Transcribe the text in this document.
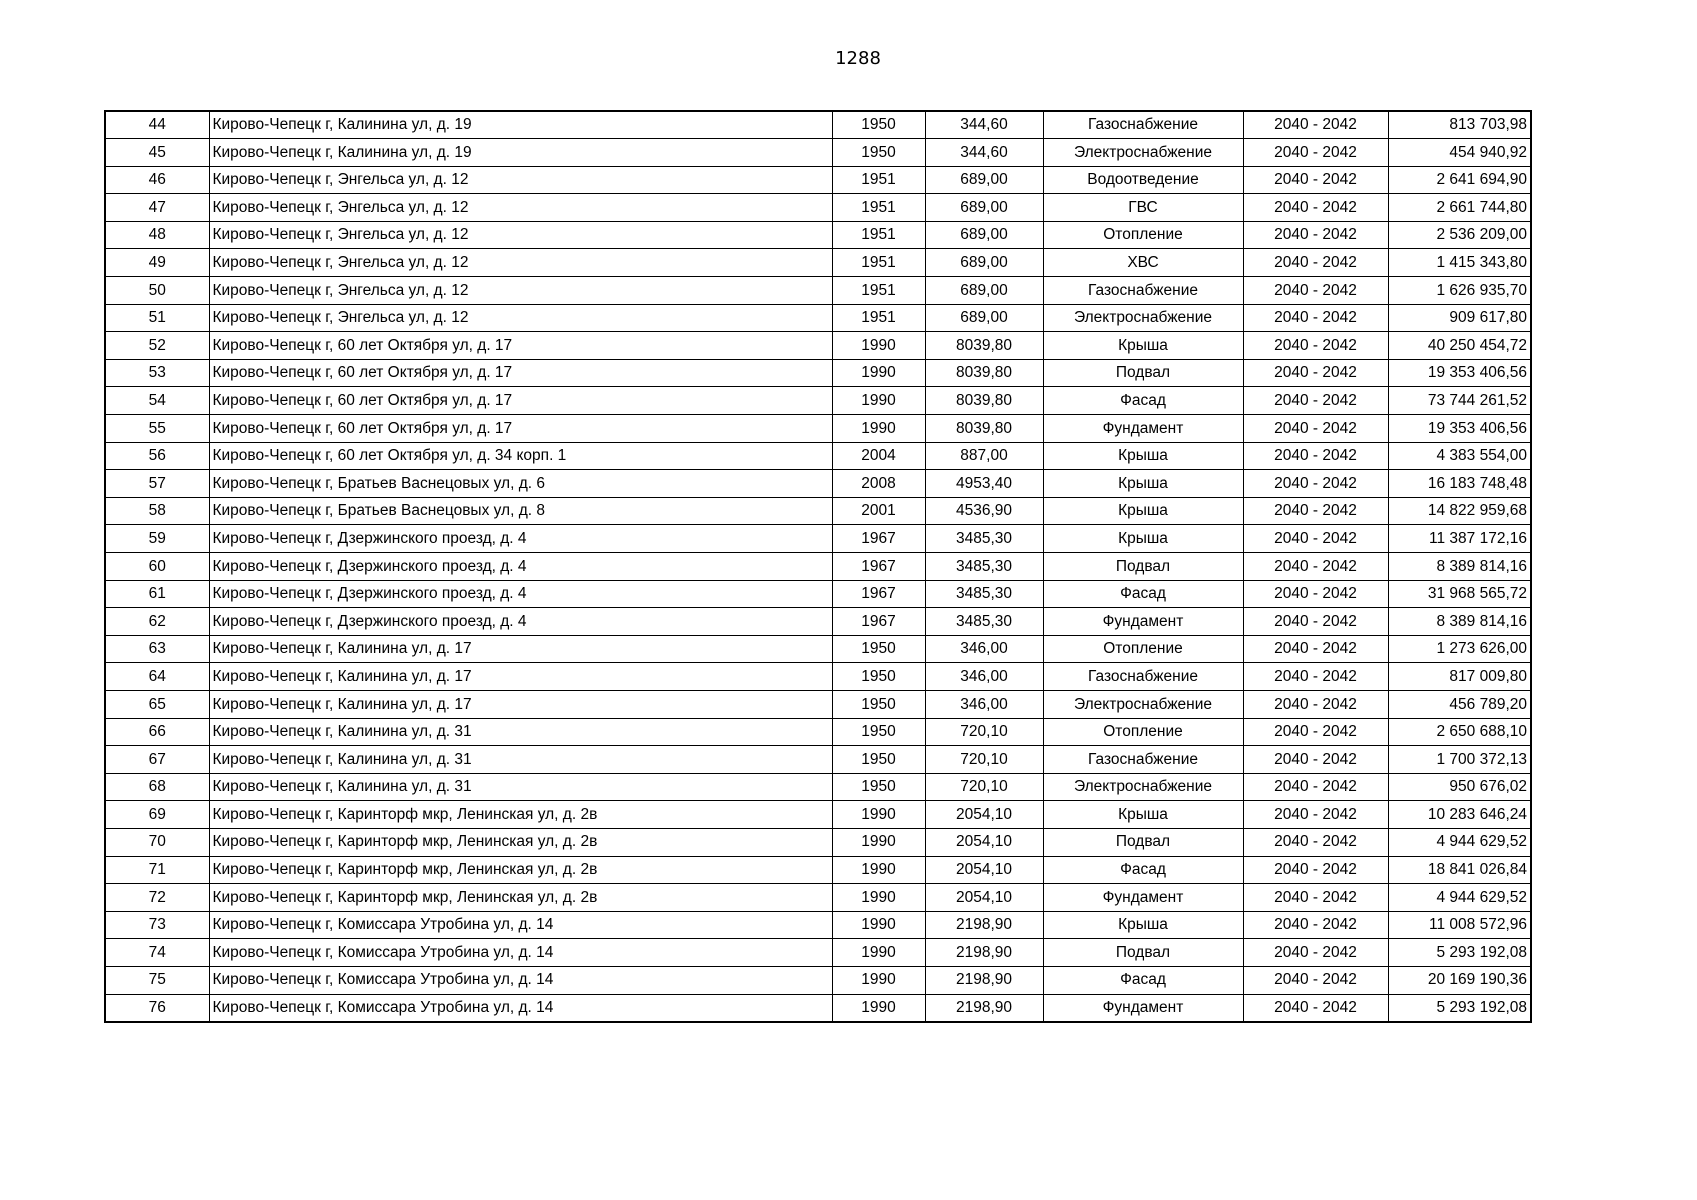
1288
44	Кирово-Чепецк г, Калинина ул, д. 19	1950	344,60	Газоснабжение	2040 - 2042	813 703,98
45	Кирово-Чепецк г, Калинина ул, д. 19	1950	344,60	Электроснабжение	2040 - 2042	454 940,92
46	Кирово-Чепецк г, Энгельса ул, д. 12	1951	689,00	Водоотведение	2040 - 2042	2 641 694,90
47	Кирово-Чепецк г, Энгельса ул, д. 12	1951	689,00	ГВС	2040 - 2042	2 661 744,80
48	Кирово-Чепецк г, Энгельса ул, д. 12	1951	689,00	Отопление	2040 - 2042	2 536 209,00
49	Кирово-Чепецк г, Энгельса ул, д. 12	1951	689,00	ХВС	2040 - 2042	1 415 343,80
50	Кирово-Чепецк г, Энгельса ул, д. 12	1951	689,00	Газоснабжение	2040 - 2042	1 626 935,70
51	Кирово-Чепецк г, Энгельса ул, д. 12	1951	689,00	Электроснабжение	2040 - 2042	909 617,80
52	Кирово-Чепецк г, 60 лет Октября ул, д. 17	1990	8039,80	Крыша	2040 - 2042	40 250 454,72
53	Кирово-Чепецк г, 60 лет Октября ул, д. 17	1990	8039,80	Подвал	2040 - 2042	19 353 406,56
54	Кирово-Чепецк г, 60 лет Октября ул, д. 17	1990	8039,80	Фасад	2040 - 2042	73 744 261,52
55	Кирово-Чепецк г, 60 лет Октября ул, д. 17	1990	8039,80	Фундамент	2040 - 2042	19 353 406,56
56	Кирово-Чепецк г, 60 лет Октября ул, д. 34 корп. 1	2004	887,00	Крыша	2040 - 2042	4 383 554,00
57	Кирово-Чепецк г, Братьев Васнецовых ул, д. 6	2008	4953,40	Крыша	2040 - 2042	16 183 748,48
58	Кирово-Чепецк г, Братьев Васнецовых ул, д. 8	2001	4536,90	Крыша	2040 - 2042	14 822 959,68
59	Кирово-Чепецк г, Дзержинского проезд, д. 4	1967	3485,30	Крыша	2040 - 2042	11 387 172,16
60	Кирово-Чепецк г, Дзержинского проезд, д. 4	1967	3485,30	Подвал	2040 - 2042	8 389 814,16
61	Кирово-Чепецк г, Дзержинского проезд, д. 4	1967	3485,30	Фасад	2040 - 2042	31 968 565,72
62	Кирово-Чепецк г, Дзержинского проезд, д. 4	1967	3485,30	Фундамент	2040 - 2042	8 389 814,16
63	Кирово-Чепецк г, Калинина ул, д. 17	1950	346,00	Отопление	2040 - 2042	1 273 626,00
64	Кирово-Чепецк г, Калинина ул, д. 17	1950	346,00	Газоснабжение	2040 - 2042	817 009,80
65	Кирово-Чепецк г, Калинина ул, д. 17	1950	346,00	Электроснабжение	2040 - 2042	456 789,20
66	Кирово-Чепецк г, Калинина ул, д. 31	1950	720,10	Отопление	2040 - 2042	2 650 688,10
67	Кирово-Чепецк г, Калинина ул, д. 31	1950	720,10	Газоснабжение	2040 - 2042	1 700 372,13
68	Кирово-Чепецк г, Калинина ул, д. 31	1950	720,10	Электроснабжение	2040 - 2042	950 676,02
69	Кирово-Чепецк г, Каринторф мкр, Ленинская ул, д. 2в	1990	2054,10	Крыша	2040 - 2042	10 283 646,24
70	Кирово-Чепецк г, Каринторф мкр, Ленинская ул, д. 2в	1990	2054,10	Подвал	2040 - 2042	4 944 629,52
71	Кирово-Чепецк г, Каринторф мкр, Ленинская ул, д. 2в	1990	2054,10	Фасад	2040 - 2042	18 841 026,84
72	Кирово-Чепецк г, Каринторф мкр, Ленинская ул, д. 2в	1990	2054,10	Фундамент	2040 - 2042	4 944 629,52
73	Кирово-Чепецк г, Комиссара Утробина ул, д. 14	1990	2198,90	Крыша	2040 - 2042	11 008 572,96
74	Кирово-Чепецк г, Комиссара Утробина ул, д. 14	1990	2198,90	Подвал	2040 - 2042	5 293 192,08
75	Кирово-Чепецк г, Комиссара Утробина ул, д. 14	1990	2198,90	Фасад	2040 - 2042	20 169 190,36
76	Кирово-Чепецк г, Комиссара Утробина ул, д. 14	1990	2198,90	Фундамент	2040 - 2042	5 293 192,08
